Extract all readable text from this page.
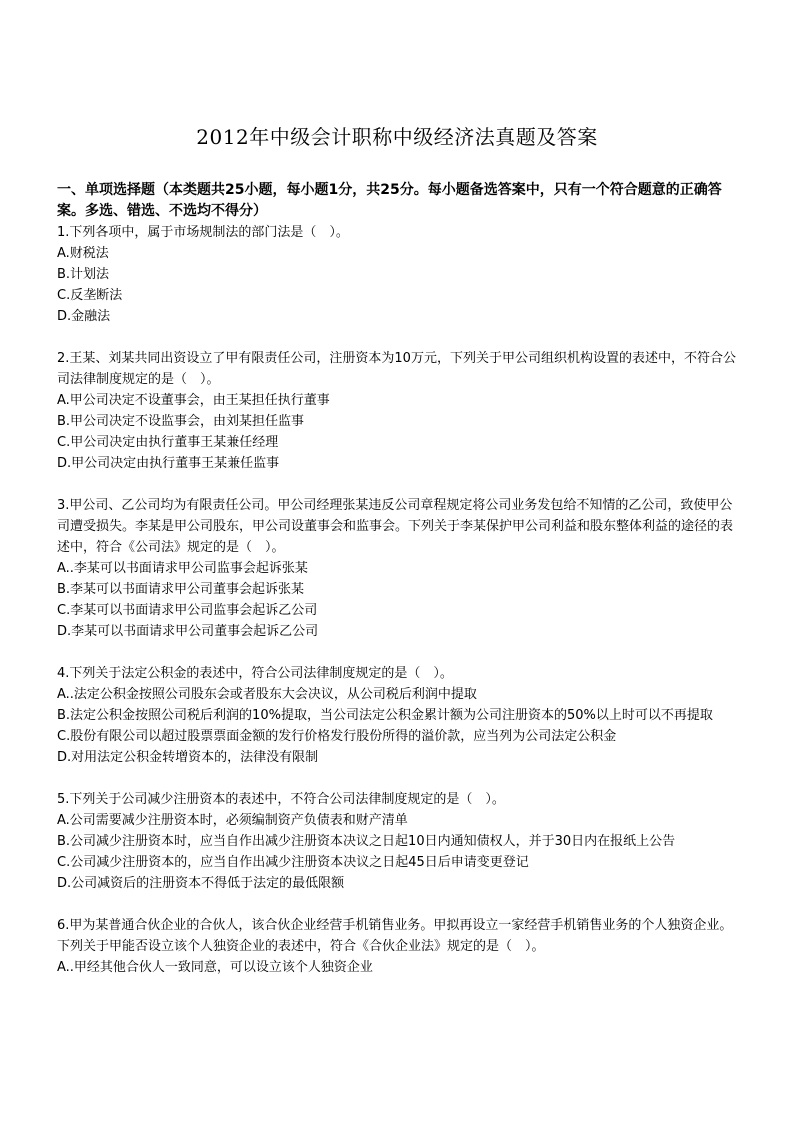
2012年中级会计职称中级经济法真题及答案
一、单项选择题（本类题共25小题，每小题1分，共25分。每小题备选答案中，只有一个符合题意的正确答案。多选、错选、不选均不得分）
1.下列各项中，属于市场规制法的部门法是（　）。
A.财税法
B.计划法
C.反垄断法
D.金融法
2.王某、刘某共同出资设立了甲有限责任公司，注册资本为10万元，下列关于甲公司组织机构设置的表述中，不符合公司法律制度规定的是（　）。
A.甲公司决定不设董事会，由王某担任执行董事
B.甲公司决定不设监事会，由刘某担任监事
C.甲公司决定由执行董事王某兼任经理
D.甲公司决定由执行董事王某兼任监事
3.甲公司、乙公司均为有限责任公司。甲公司经理张某违反公司章程规定将公司业务发包给不知情的乙公司，致使甲公司遭受损失。李某是甲公司股东，甲公司设董事会和监事会。下列关于李某保护甲公司利益和股东整体利益的途径的表述中，符合《公司法》规定的是（　）。
A..李某可以书面请求甲公司监事会起诉张某
B.李某可以书面请求甲公司董事会起诉张某
C.李某可以书面请求甲公司监事会起诉乙公司
D.李某可以书面请求甲公司董事会起诉乙公司
4.下列关于法定公积金的表述中，符合公司法律制度规定的是（　）。
A..法定公积金按照公司股东会或者股东大会决议，从公司税后利润中提取
B.法定公积金按照公司税后利润的10%提取，当公司法定公积金累计额为公司注册资本的50%以上时可以不再提取
C.股份有限公司以超过股票票面金额的发行价格发行股份所得的溢价款，应当列为公司法定公积金
D.对用法定公积金转增资本的，法律没有限制
5.下列关于公司减少注册资本的表述中，不符合公司法律制度规定的是（　）。
A.公司需要减少注册资本时，必须编制资产负债表和财产清单
B.公司减少注册资本时，应当自作出减少注册资本决议之日起10日内通知债权人，并于30日内在报纸上公告
C.公司减少注册资本的，应当自作出减少注册资本决议之日起45日后申请变更登记
D.公司减资后的注册资本不得低于法定的最低限额
6.甲为某普通合伙企业的合伙人，该合伙企业经营手机销售业务。甲拟再设立一家经营手机销售业务的个人独资企业。下列关于甲能否设立该个人独资企业的表述中，符合《合伙企业法》规定的是（　）。
A..甲经其他合伙人一致同意，可以设立该个人独资企业
